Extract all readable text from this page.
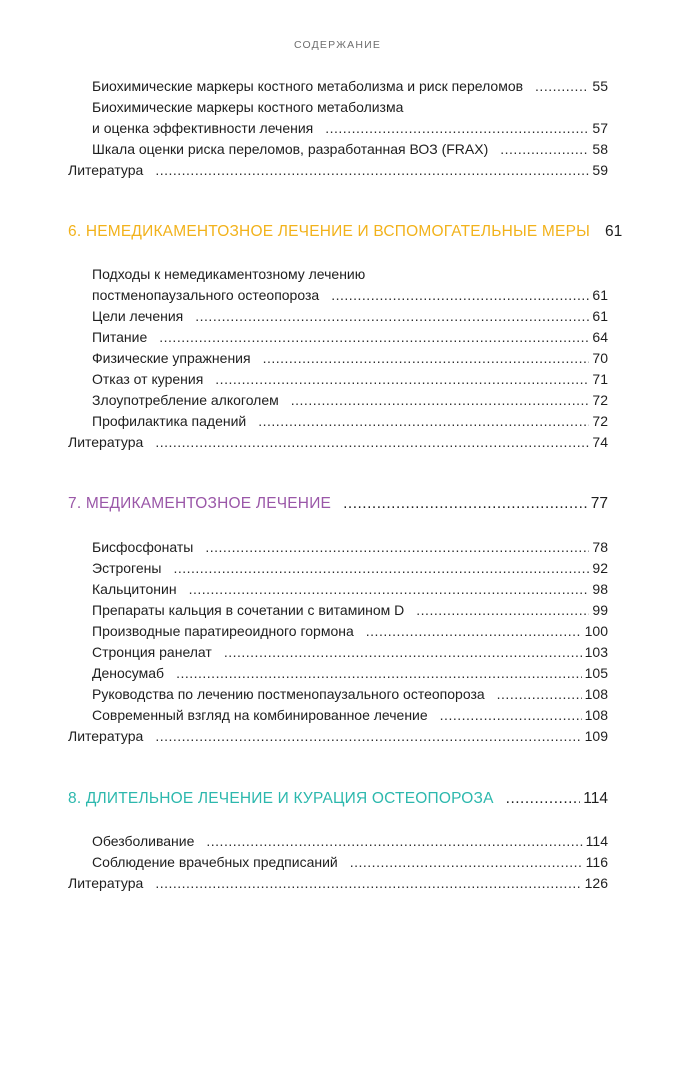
СОДЕРЖАНИЕ
Биохимические маркеры костного метаболизма и риск переломов .....	55
Биохимические маркеры костного метаболизма
и оценка эффективности лечения .....	57
Шкала оценки риска переломов, разработанная ВОЗ (FRAX) .....	58
Литература .....	59
6. НЕМЕДИКАМЕНТОЗНОЕ ЛЕЧЕНИЕ И ВСПОМОГАТЕЛЬНЫЕ МЕРЫ 61
Подходы к немедикаментозному лечению
постменопаузального остеопороза .....	61
Цели лечения .....	61
Питание .....	64
Физические упражнения .....	70
Отказ от курения .....	71
Злоупотребление алкоголем .....	72
Профилактика падений .....	72
Литература .....	74
7. МЕДИКАМЕНТОЗНОЕ ЛЕЧЕНИЕ .....	77
Бисфосфонаты .....	78
Эстрогены .....	92
Кальцитонин .....	98
Препараты кальция в сочетании с витамином D .....	99
Производные паратиреоидного гормона .....	100
Стронция ранелат .....	103
Деносумаб .....	105
Руководства по лечению постменопаузального остеопороза .....	108
Современный взгляд на комбинированное лечение .....	108
Литература .....	109
8. ДЛИТЕЛЬНОЕ ЛЕЧЕНИЕ И КУРАЦИЯ ОСТЕОПОРОЗА .....	114
Обезболивание .....	114
Соблюдение врачебных предписаний .....	116
Литература .....	126
